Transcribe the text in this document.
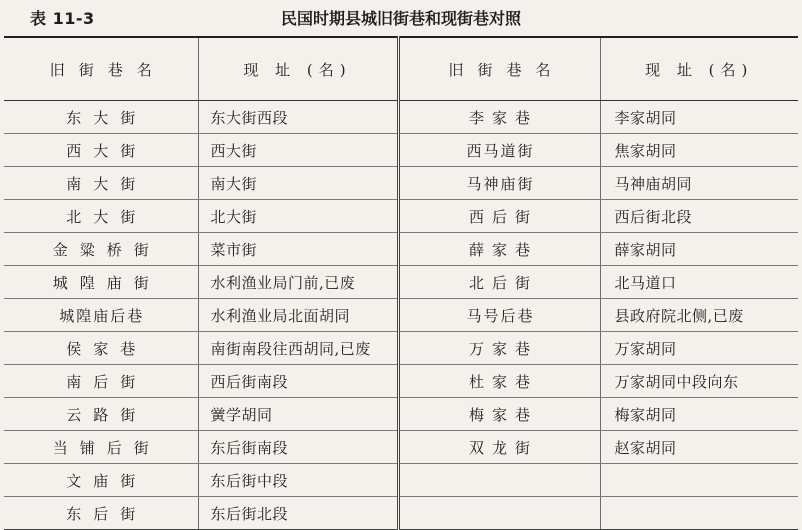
表 11-3	民国时期县城旧街巷和现街巷对照
旧街巷名	现 址 (名)	旧街巷名	现 址 (名)
东大街	东大街西段	李家巷	李家胡同
西大街	西大街	西马道街	焦家胡同
南大街	南大街	马神庙街	马神庙胡同
北大街	北大街	西后街	西后街北段
金粱桥街	菜市街	薛家巷	薛家胡同
城隍庙街	水利渔业局门前,已废	北后街	北马道口
城隍庙后巷	水利渔业局北面胡同	马号后巷	县政府院北侧,已废
侯家巷	南街南段往西胡同,已废	万家巷	万家胡同
南后街	西后街南段	杜家巷	万家胡同中段向东
云路街	黉学胡同	梅家巷	梅家胡同
当铺后街	东后街南段	双龙街	赵家胡同
文庙街	东后街中段		
东后街	东后街北段		
